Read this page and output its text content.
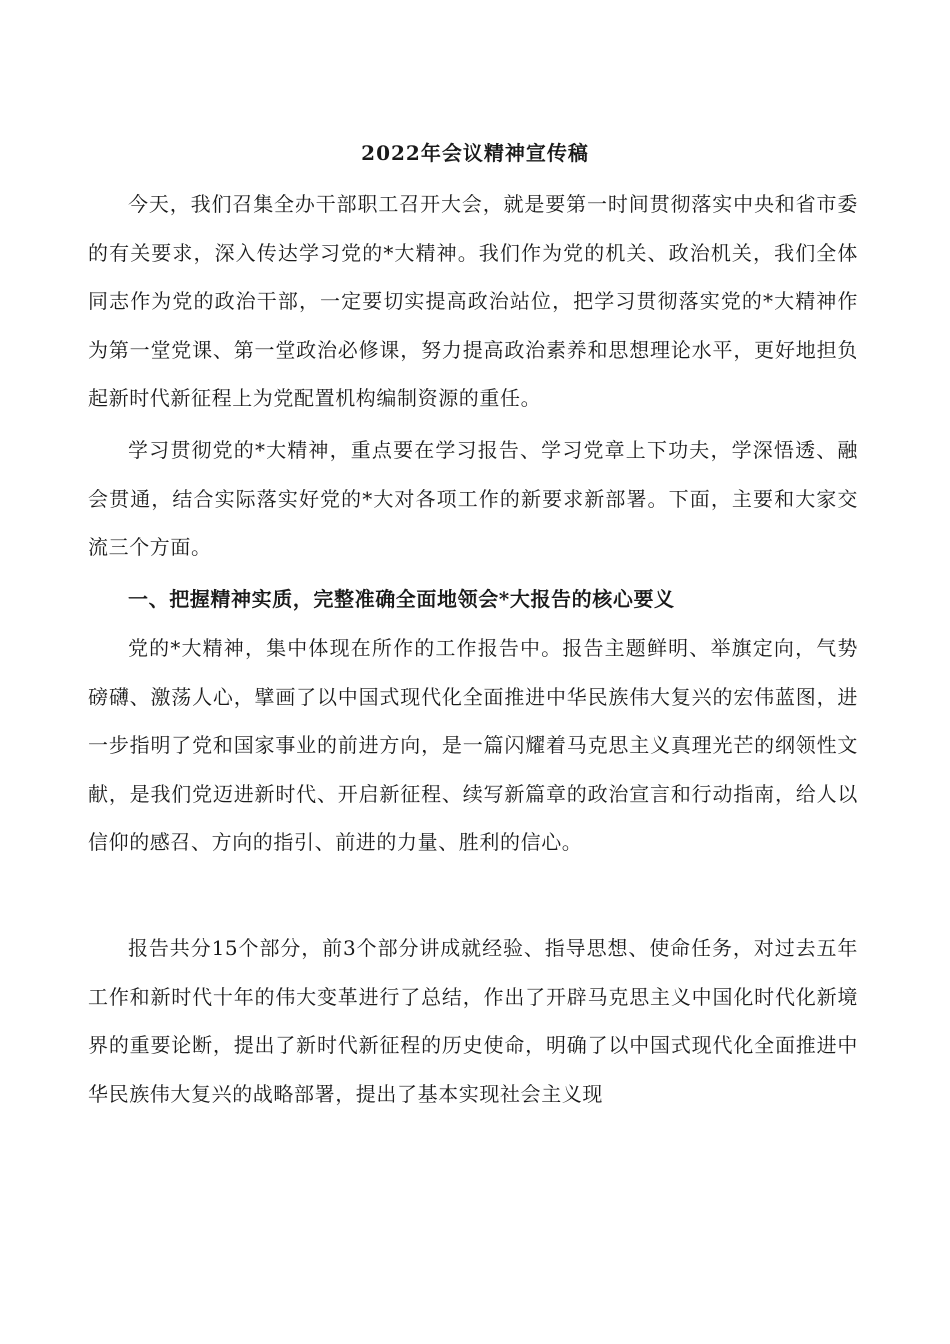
2022年会议精神宣传稿
今天，我们召集全办干部职工召开大会，就是要第一时间贯彻落实中央和省市委的有关要求，深入传达学习党的*大精神。我们作为党的机关、政治机关，我们全体同志作为党的政治干部，一定要切实提高政治站位，把学习贯彻落实党的*大精神作为第一堂党课、第一堂政治必修课，努力提高政治素养和思想理论水平，更好地担负起新时代新征程上为党配置机构编制资源的重任。
学习贯彻党的*大精神，重点要在学习报告、学习党章上下功夫，学深悟透、融会贯通，结合实际落实好党的*大对各项工作的新要求新部署。下面，主要和大家交流三个方面。
一、把握精神实质，完整准确全面地领会*大报告的核心要义
党的*大精神，集中体现在所作的工作报告中。报告主题鲜明、举旗定向，气势磅礴、激荡人心，擘画了以中国式现代化全面推进中华民族伟大复兴的宏伟蓝图，进一步指明了党和国家事业的前进方向，是一篇闪耀着马克思主义真理光芒的纲领性文献，是我们党迈进新时代、开启新征程、续写新篇章的政治宣言和行动指南，给人以信仰的感召、方向的指引、前进的力量、胜利的信心。
报告共分15个部分，前3个部分讲成就经验、指导思想、使命任务，对过去五年工作和新时代十年的伟大变革进行了总结，作出了开辟马克思主义中国化时代化新境界的重要论断，提出了新时代新征程的历史使命，明确了以中国式现代化全面推进中华民族伟大复兴的战略部署，提出了基本实现社会主义现
